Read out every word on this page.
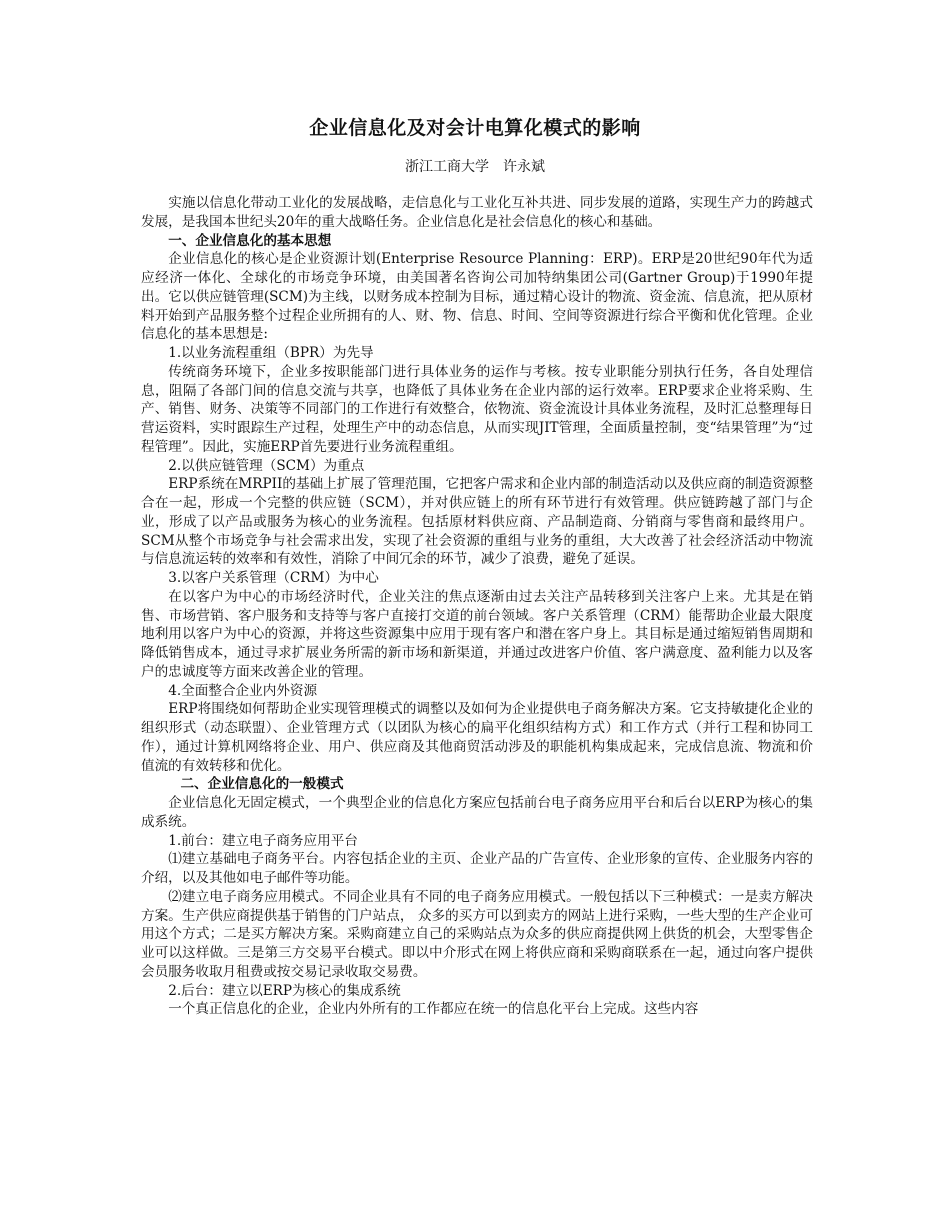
企业信息化及对会计电算化模式的影响
浙江工商大学　许永斌

实施以信息化带动工业化的发展战略，走信息化与工业化互补共进、同步发展的道路，实现生产力的跨越式发展，是我国本世纪头20年的重大战略任务。企业信息化是社会信息化的核心和基础。

一、企业信息化的基本思想

企业信息化的核心是企业资源计划(Enterprise Resource Planning：ERP)。ERP是20世纪90年代为适应经济一体化、全球化的市场竞争环境，由美国著名咨询公司加特纳集团公司(Gartner Group)于1990年提出。它以供应链管理(SCM)为主线，以财务成本控制为目标，通过精心设计的物流、资金流、信息流，把从原材料开始到产品服务整个过程企业所拥有的人、财、物、信息、时间、空间等资源进行综合平衡和优化管理。企业信息化的基本思想是:

1.以业务流程重组（BPR）为先导

传统商务环境下，企业多按职能部门进行具体业务的运作与考核。按专业职能分别执行任务，各自处理信息，阻隔了各部门间的信息交流与共享，也降低了具体业务在企业内部的运行效率。ERP要求企业将采购、生产、销售、财务、决策等不同部门的工作进行有效整合，依物流、资金流设计具体业务流程，及时汇总整理每日营运资料，实时跟踪生产过程，处理生产中的动态信息，从而实现JIT管理，全面质量控制，变“结果管理”为“过程管理”。因此，实施ERP首先要进行业务流程重组。

2.以供应链管理（SCM）为重点

ERP系统在MRPII的基础上扩展了管理范围，它把客户需求和企业内部的制造活动以及供应商的制造资源整合在一起，形成一个完整的供应链（SCM），并对供应链上的所有环节进行有效管理。供应链跨越了部门与企业，形成了以产品或服务为核心的业务流程。包括原材料供应商、产品制造商、分销商与零售商和最终用户。SCM从整个市场竞争与社会需求出发，实现了社会资源的重组与业务的重组，大大改善了社会经济活动中物流与信息流运转的效率和有效性，消除了中间冗余的环节，减少了浪费，避免了延误。

3.以客户关系管理（CRM）为中心

在以客户为中心的市场经济时代，企业关注的焦点逐渐由过去关注产品转移到关注客户上来。尤其是在销售、市场营销、客户服务和支持等与客户直接打交道的前台领域。客户关系管理（CRM）能帮助企业最大限度地利用以客户为中心的资源，并将这些资源集中应用于现有客户和潜在客户身上。其目标是通过缩短销售周期和降低销售成本，通过寻求扩展业务所需的新市场和新渠道，并通过改进客户价值、客户满意度、盈利能力以及客户的忠诚度等方面来改善企业的管理。

4.全面整合企业内外资源

ERP将围绕如何帮助企业实现管理模式的调整以及如何为企业提供电子商务解决方案。它支持敏捷化企业的组织形式（动态联盟）、企业管理方式（以团队为核心的扁平化组织结构方式）和工作方式（并行工程和协同工作），通过计算机网络将企业、用户、供应商及其他商贸活动涉及的职能机构集成起来，完成信息流、物流和价值流的有效转移和优化。

二、企业信息化的一般模式

企业信息化无固定模式，一个典型企业的信息化方案应包括前台电子商务应用平台和后台以ERP为核心的集成系统。

1.前台：建立电子商务应用平台

⑴建立基础电子商务平台。内容包括企业的主页、企业产品的广告宣传、企业形象的宣传、企业服务内容的介绍，以及其他如电子邮件等功能。

⑵建立电子商务应用模式。不同企业具有不同的电子商务应用模式。一般包括以下三种模式：一是卖方解决方案。生产供应商提供基于销售的门户站点， 众多的买方可以到卖方的网站上进行采购，一些大型的生产企业可用这个方式；二是买方解决方案。采购商建立自己的采购站点为众多的供应商提供网上供货的机会，大型零售企业可以这样做。三是第三方交易平台模式。即以中介形式在网上将供应商和采购商联系在一起，通过向客户提供会员服务收取月租费或按交易记录收取交易费。

2.后台：建立以ERP为核心的集成系统

一个真正信息化的企业，企业内外所有的工作都应在统一的信息化平台上完成。这些内容
